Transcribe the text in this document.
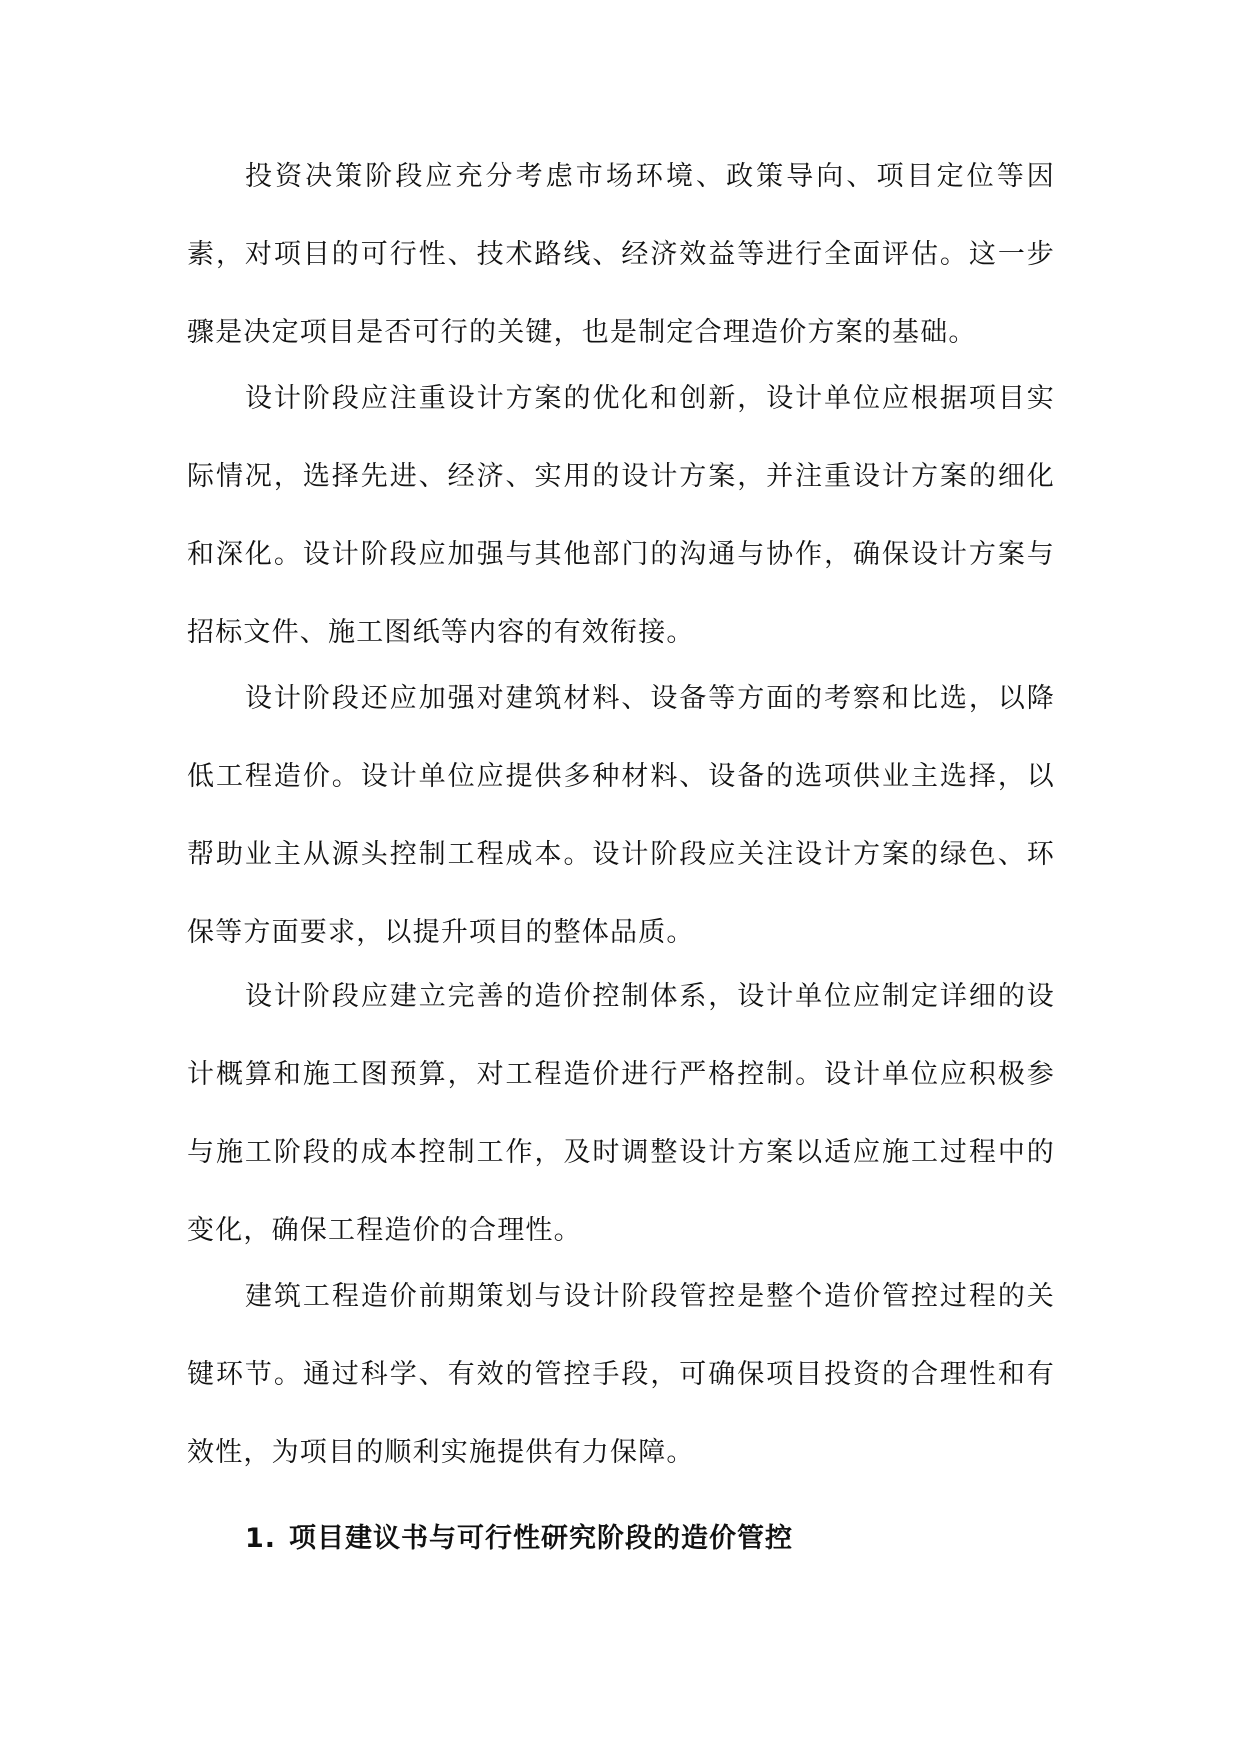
投资决策阶段应充分考虑市场环境、政策导向、项目定位等因素，对项目的可行性、技术路线、经济效益等进行全面评估。这一步骤是决定项目是否可行的关键，也是制定合理造价方案的基础。

设计阶段应注重设计方案的优化和创新，设计单位应根据项目实际情况，选择先进、经济、实用的设计方案，并注重设计方案的细化和深化。设计阶段应加强与其他部门的沟通与协作，确保设计方案与招标文件、施工图纸等内容的有效衔接。

设计阶段还应加强对建筑材料、设备等方面的考察和比选，以降低工程造价。设计单位应提供多种材料、设备的选项供业主选择，以帮助业主从源头控制工程成本。设计阶段应关注设计方案的绿色、环保等方面要求，以提升项目的整体品质。

设计阶段应建立完善的造价控制体系，设计单位应制定详细的设计概算和施工图预算，对工程造价进行严格控制。设计单位应积极参与施工阶段的成本控制工作，及时调整设计方案以适应施工过程中的变化，确保工程造价的合理性。

建筑工程造价前期策划与设计阶段管控是整个造价管控过程的关键环节。通过科学、有效的管控手段，可确保项目投资的合理性和有效性，为项目的顺利实施提供有力保障。

1. 项目建议书与可行性研究阶段的造价管控
